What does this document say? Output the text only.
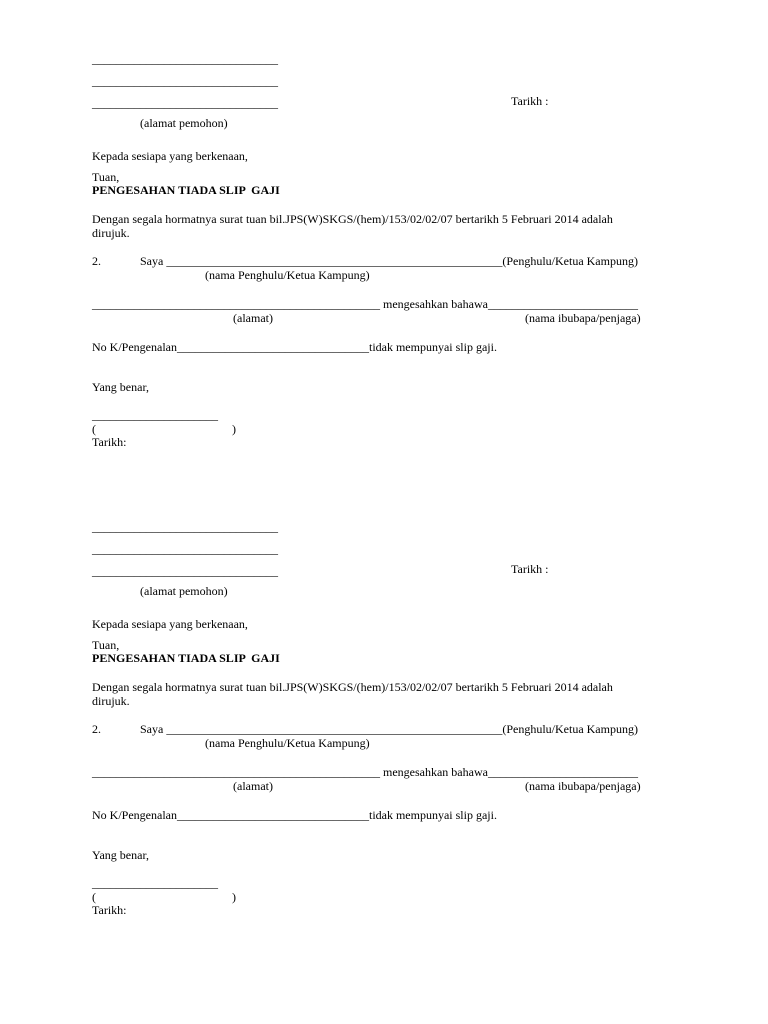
_______________________________
_______________________________
_______________________________	Tarikh :
(alamat pemohon)
Kepada sesiapa yang berkenaan,
Tuan,
PENGESAHAN TIADA SLIP  GAJI
Dengan segala hormatnya surat tuan bil.JPS(W)SKGS/(hem)/153/02/02/07 bertarikh 5 Februari 2014 adalah
dirujuk.
2.	Saya ________________________________________________________(Penghulu/Ketua Kampung)
(nama Penghulu/Ketua Kampung)
________________________________________________ mengesahkan bahawa_________________________
(alamat)	(nama ibubapa/penjaga)
No K/Pengenalan________________________________tidak mempunyai slip gaji.
Yang benar,
_____________________
(	)
Tarikh:
_______________________________
_______________________________
_______________________________	Tarikh :
(alamat pemohon)
Kepada sesiapa yang berkenaan,
Tuan,
PENGESAHAN TIADA SLIP  GAJI
Dengan segala hormatnya surat tuan bil.JPS(W)SKGS/(hem)/153/02/02/07 bertarikh 5 Februari 2014 adalah
dirujuk.
2.	Saya ________________________________________________________(Penghulu/Ketua Kampung)
(nama Penghulu/Ketua Kampung)
________________________________________________ mengesahkan bahawa_________________________
(alamat)	(nama ibubapa/penjaga)
No K/Pengenalan________________________________tidak mempunyai slip gaji.
Yang benar,
_____________________
(	)
Tarikh:
